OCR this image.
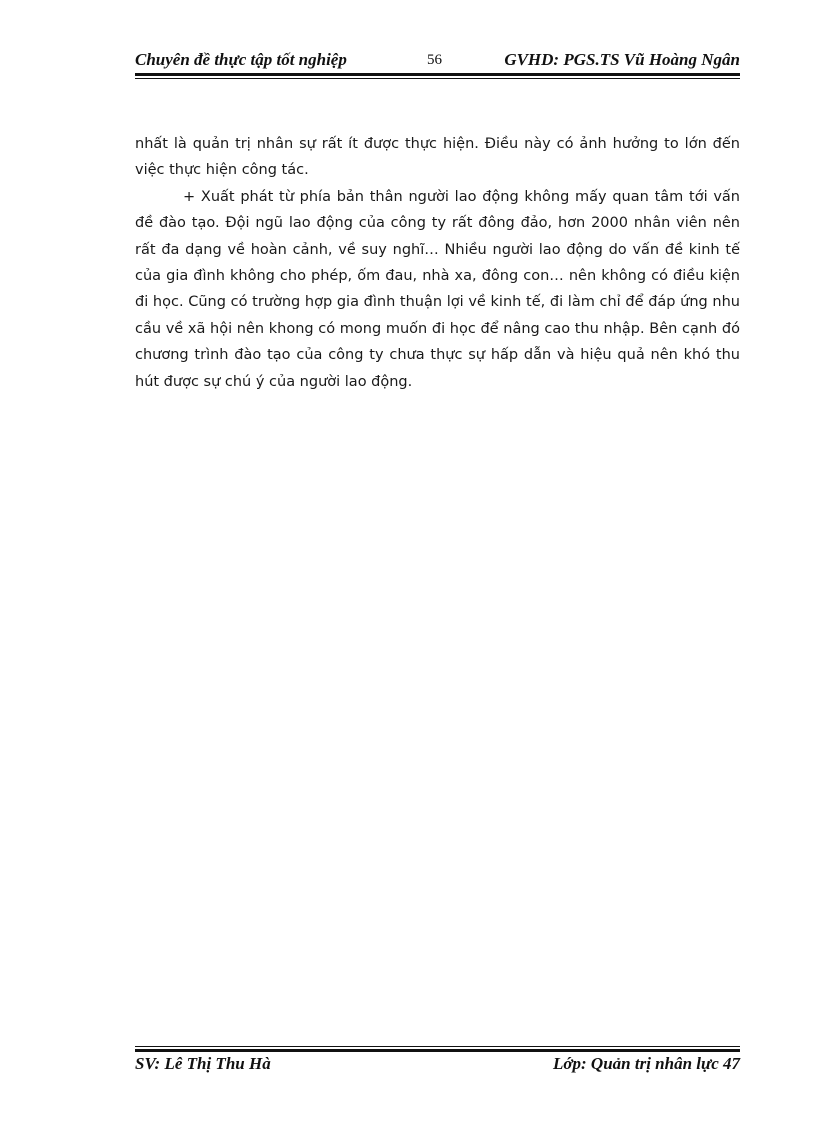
Chuyên đề thực tập tốt nghiệp	56	GVHD: PGS.TS Vũ Hoàng Ngân

nhất là quản trị nhân sự rất ít được thực hiện. Điều này có ảnh hưởng to lớn đến việc thực hiện công tác.

+ Xuất phát từ phía bản thân người lao động không mấy quan tâm tới vấn đề đào tạo. Đội ngũ lao động của công ty rất đông đảo, hơn 2000 nhân viên nên rất đa dạng về hoàn cảnh, về suy nghĩ… Nhiều người lao động do vấn đề kinh tế của gia đình không cho phép, ốm đau, nhà xa, đông con… nên không có điều kiện đi học. Cũng có trường hợp gia đình thuận lợi về kinh tế, đi làm chỉ để đáp ứng nhu cầu về xã hội nên khong có mong muốn đi học để nâng cao thu nhập. Bên cạnh đó chương trình đào tạo của công ty chưa thực sự hấp dẫn và hiệu quả nên khó thu hút được sự chú ý của người lao động.

SV: Lê Thị Thu Hà	Lớp: Quản trị nhân lực 47
